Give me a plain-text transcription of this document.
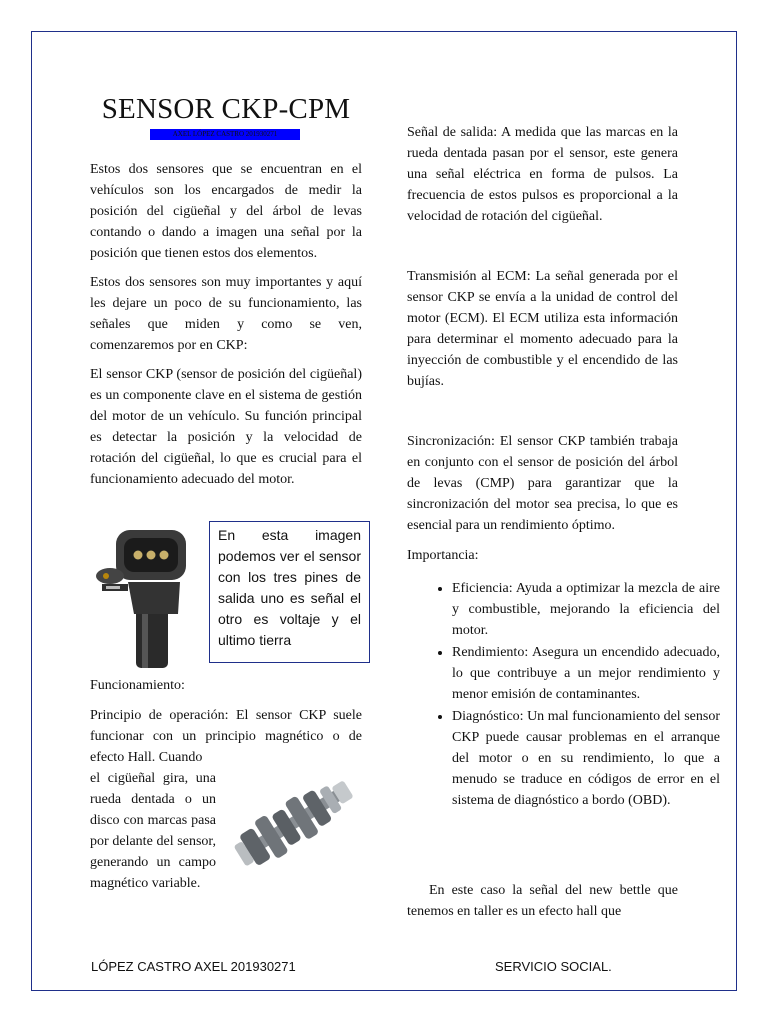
SENSOR CKP-CPM
AXEL LÓPEZ CASTRO 201930271

Estos dos sensores que se encuentran en el vehículos son los encargados de medir la posición del cigüeñal y del árbol de levas contando o dando a imagen una señal por la posición que tienen estos dos elementos.

Estos dos sensores son muy importantes y aquí les dejare un poco de su funcionamiento, las señales que miden y como se ven, comenzaremos por en CKP:

El sensor CKP (sensor de posición del cigüeñal) es un componente clave en el sistema de gestión del motor de un vehículo. Su función principal es detectar la posición y la velocidad de rotación del cigüeñal, lo que es crucial para el funcionamiento adecuado del motor.

En esta imagen podemos ver el sensor con los tres pines de salida uno es señal el otro es voltaje y el ultimo tierra

Funcionamiento:

Principio de operación: El sensor CKP suele funcionar con un principio magnético o de efecto Hall. Cuando

el cigüeñal gira, una rueda dentada o un disco con marcas pasa por delante del sensor, generando un campo magnético variable.

Señal de salida: A medida que las marcas en la rueda dentada pasan por el sensor, este genera una señal eléctrica en forma de pulsos. La frecuencia de estos pulsos es proporcional a la velocidad de rotación del cigüeñal.

Transmisión al ECM: La señal generada por el sensor CKP se envía a la unidad de control del motor (ECM). El ECM utiliza esta información para determinar el momento adecuado para la inyección de combustible y el encendido de las bujías.

Sincronización: El sensor CKP también trabaja en conjunto con el sensor de posición del árbol de levas (CMP) para garantizar que la sincronización del motor sea precisa, lo que es esencial para un rendimiento óptimo.

Importancia:

• Eficiencia: Ayuda a optimizar la mezcla de aire y combustible, mejorando la eficiencia del motor.
• Rendimiento: Asegura un encendido adecuado, lo que contribuye a un mejor rendimiento y menor emisión de contaminantes.
• Diagnóstico: Un mal funcionamiento del sensor CKP puede causar problemas en el arranque del motor o en su rendimiento, lo que a menudo se traduce en códigos de error en el sistema de diagnóstico a bordo (OBD).

En este caso la señal del new bettle que tenemos en taller es un efecto hall que

LÓPEZ CASTRO AXEL 201930271	SERVICIO SOCIAL.
